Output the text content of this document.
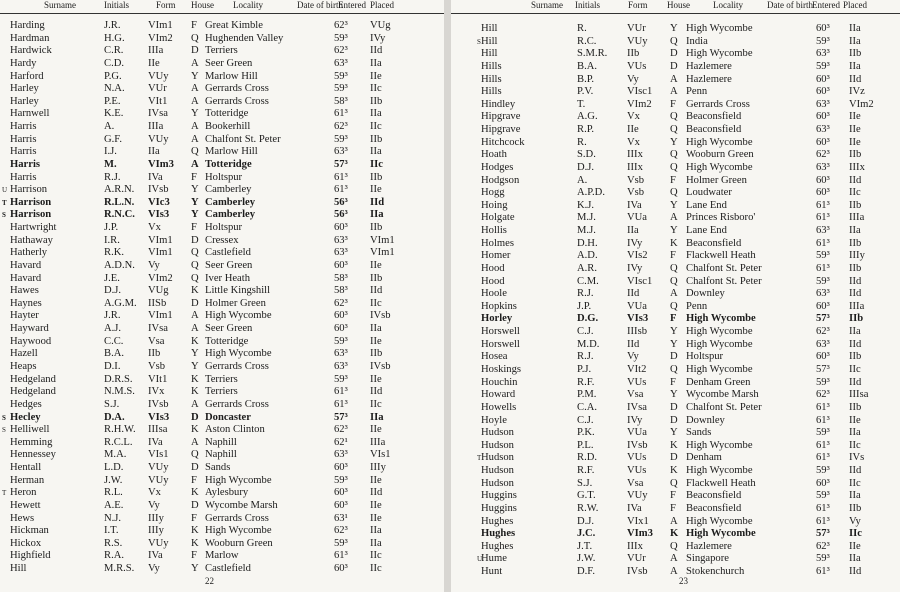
Surname	Initials	Form House Locality	Date of birth
Entered Placed
Harding	J.R.	VIm1 F Great Kimble	62³ VUg
Hardman	H.G. VIm2 Q Hughenden Valley	59³ IVy
Hardwick	C.R. IIIa	D Terriers	62³ IId
Hardy	C.D. IIe	A Seer Green	63³ IIa
Harford	P.G. VUy Y Marlow Hill	59³ IIe
Harley	N.A. VUr A Gerrards Cross	59³ IIc
Harley	P.E.	VIt1 A Gerrards Cross	58³ IIb
Harnwell	K.E. IVsa Y Totteridge	61³ IIa
Harris	A.	IIIa	A Bookerhill	62³ IIc
Harris	G.F. VUy A Chalfont St. Peter	59³ IIb
Harris	I.J.	IIa	Q Marlow Hill	63³ IIa
Harris	M.	VIm3 A Totteridge	57³ IIc
Harris	R.J.	IVa	F Holtspur	61³ IIb
U Harrison	A.R.N. IVsb Y Camberley	61³ IIe
T Harrison	R.L.N. VIc3 Y Camberley	56³ IId
S Harrison	R.N.C. VIs3 Y Camberley	56³ IIa
Hartwright	J.P.	Vx	F Holtspur	60³ IIb
Hathaway	I.R.	VIm1 D Cressex	63³ VIm1
Hatherly	R.K. VIm1 Q Castlefield	63³ VIm1
Havard	A.D.N. Vy	Q Seer Green	60³ IIe
Havard	J.E.	VIm2 Q Iver Heath	58³ IIb
Hawes	D.J.	VUg K Little Kingshill	58³ IId
Haynes	A.G.M. IISb D Holmer Green	62³ IIc
Hayter	J.R.	VIm1 A High Wycombe	60³ IVsb
Hayward	A.J.	IVsa A Seer Green	60³ IIa
Haywood	C.C. Vsa	K Totteridge	59³ IIe
Hazell	B.A. IIb	Y High Wycombe	63³ IIb
Heaps	D.I.	Vsb Y Gerrards Cross	63³ IVsb
Hedgeland	D.R.S. VIt1 K Terriers	59³ IIe
Hedgeland	N.M.S. IVx	K Terriers	61³ IId
Hedges	S.J.	IVsb A Gerrards Cross	61³ IIc
S Hecley	D.A. VIs3 D Doncaster	57³ IIa
S Helliwell	R.H.W. IIIsa K Aston Clinton	62³ IIe
Hemming	R.C.L. IVa	A Naphill	62¹ IIIa
Hennessey	M.A. VIs1 Q Naphill	63³ VIs1
Hentall	L.D. VUy D Sands	60³ IIIy
Herman	J.W. VUy F High Wycombe	59³ IIe
T Heron	R.L. Vx	K Aylesbury	60³ IId
Hewett	A.E. Vy	D Wycombe Marsh	60³ IIe
Hews	N.J.	IIIy	F Gerrards Cross	63¹ IIe
Hickman	I.T.	IIIy	K High Wycombe	62³ IIa
Hickox	R.S. VUy K Wooburn Green	59³ IIa
Highfield	R.A. IVa	F Marlow	61³ IIc
Hill	M.R.S. Vy	Y Castlefield	60³ IIc
22
Surname Initials	Form House	Locality	Date of birth Entered Placed
Hill	R.	VUr Y High Wycombe	60³ IIa
S Hill	R.C.	VUy Q India	59³ IIa
Hill	S.M.R. IIb	D High Wycombe	63³ IIb
Hills	B.A.	VUs D Hazlemere	59³ IIa
Hills	B.P.	Vy	A Hazlemere	60³ IId
Hills	P.V.	VIsc1 A Penn	60³ IVz
Hindley	T.	VIm2 F Gerrards Cross	63³ VIm2
Hipgrave	A.G.	Vx	Q Beaconsfield	60³ IIe
Hipgrave	R.P.	IIe	Q Beaconsfield	63³ IIe
Hitchcock	R.	Vx	Y High Wycombe	60³ IIe
Hoath	S.D.	IIIx	Q Wooburn Green	62³ IIb
Hodges	D.J.	IIIx	Q High Wycombe	63³ IIIx
Hodgson	A.	Vsb F Holmer Green	60³ IId
Hogg	A.P.D. Vsb Q Loudwater	60³ IIc
Hoing	K.J.	IVa	Y Lane End	61³ IIb
Holgate	M.J.	VUa A Princes Risboro'	61³ IIIa
Hollis	M.J.	IIa	Y Lane End	63³ IIa
Holmes	D.H.	IVy	K Beaconsfield	61³ IIb
Homer	A.D.	VIs2 F Flackwell Heath	59³ IIIy
Hood	A.R.	IVy	Q Chalfont St. Peter	61³ IIb
Hood	C.M.	VIsc1 Q Chalfont St. Peter	59³ IId
Hoole	R.J.	IId	A Downley	63³ IId
Hopkins	J.P.	VUa Q Penn	60³ IIIa
Horley	D.G.	VIs3 F High Wycombe	57³ IIb
Horswell	C.J.	IIIsb Y High Wycombe	62³ IIa
Horswell	M.D.	IId	Y High Wycombe	63³ IId
Hosea	R.J.	Vy	D Holtspur	60³ IIb
Hoskings	P.J.	VIt2 Q High Wycombe	57³ IIc
Houchin	R.F.	VUs F Denham Green	59³ IId
Howard	P.M.	Vsa	Y Wycombe Marsh	62³ IIIsa
Howells	C.A.	IVsa D Chalfont St. Peter	61³ IIb
Hoyle	C.J.	IVy	D Downley	61³ IIe
Hudson	P.K.	VUa Y Sands	59³ IIa
Hudson	P.L.	IVsb K High Wycombe	61³ IIc
T Hudson	R.D.	VUs D Denham	61³ IVs
Hudson	R.F.	VUs K High Wycombe	59³ IId
Hudson	S.J.	Vsa	Q Flackwell Heath	60³ IIc
Huggins	G.T.	VUy F Beaconsfield	59³ IIa
Huggins	R.W.	IVa	F Beaconsfield	61³ IIb
Hughes	D.J.	VIx1 A High Wycombe	61³ Vy
Hughes	J.C.	VIm3 K High Wycombe	57³ IIc
Hughes	J.T.	IIIx	Q Hazlemere	62³ IIe
U
Hume	J.W.	VUr A Singapore	59³ IIa
Hunt	D.F.	IVsb A Stokenchurch	61³ IId
23
